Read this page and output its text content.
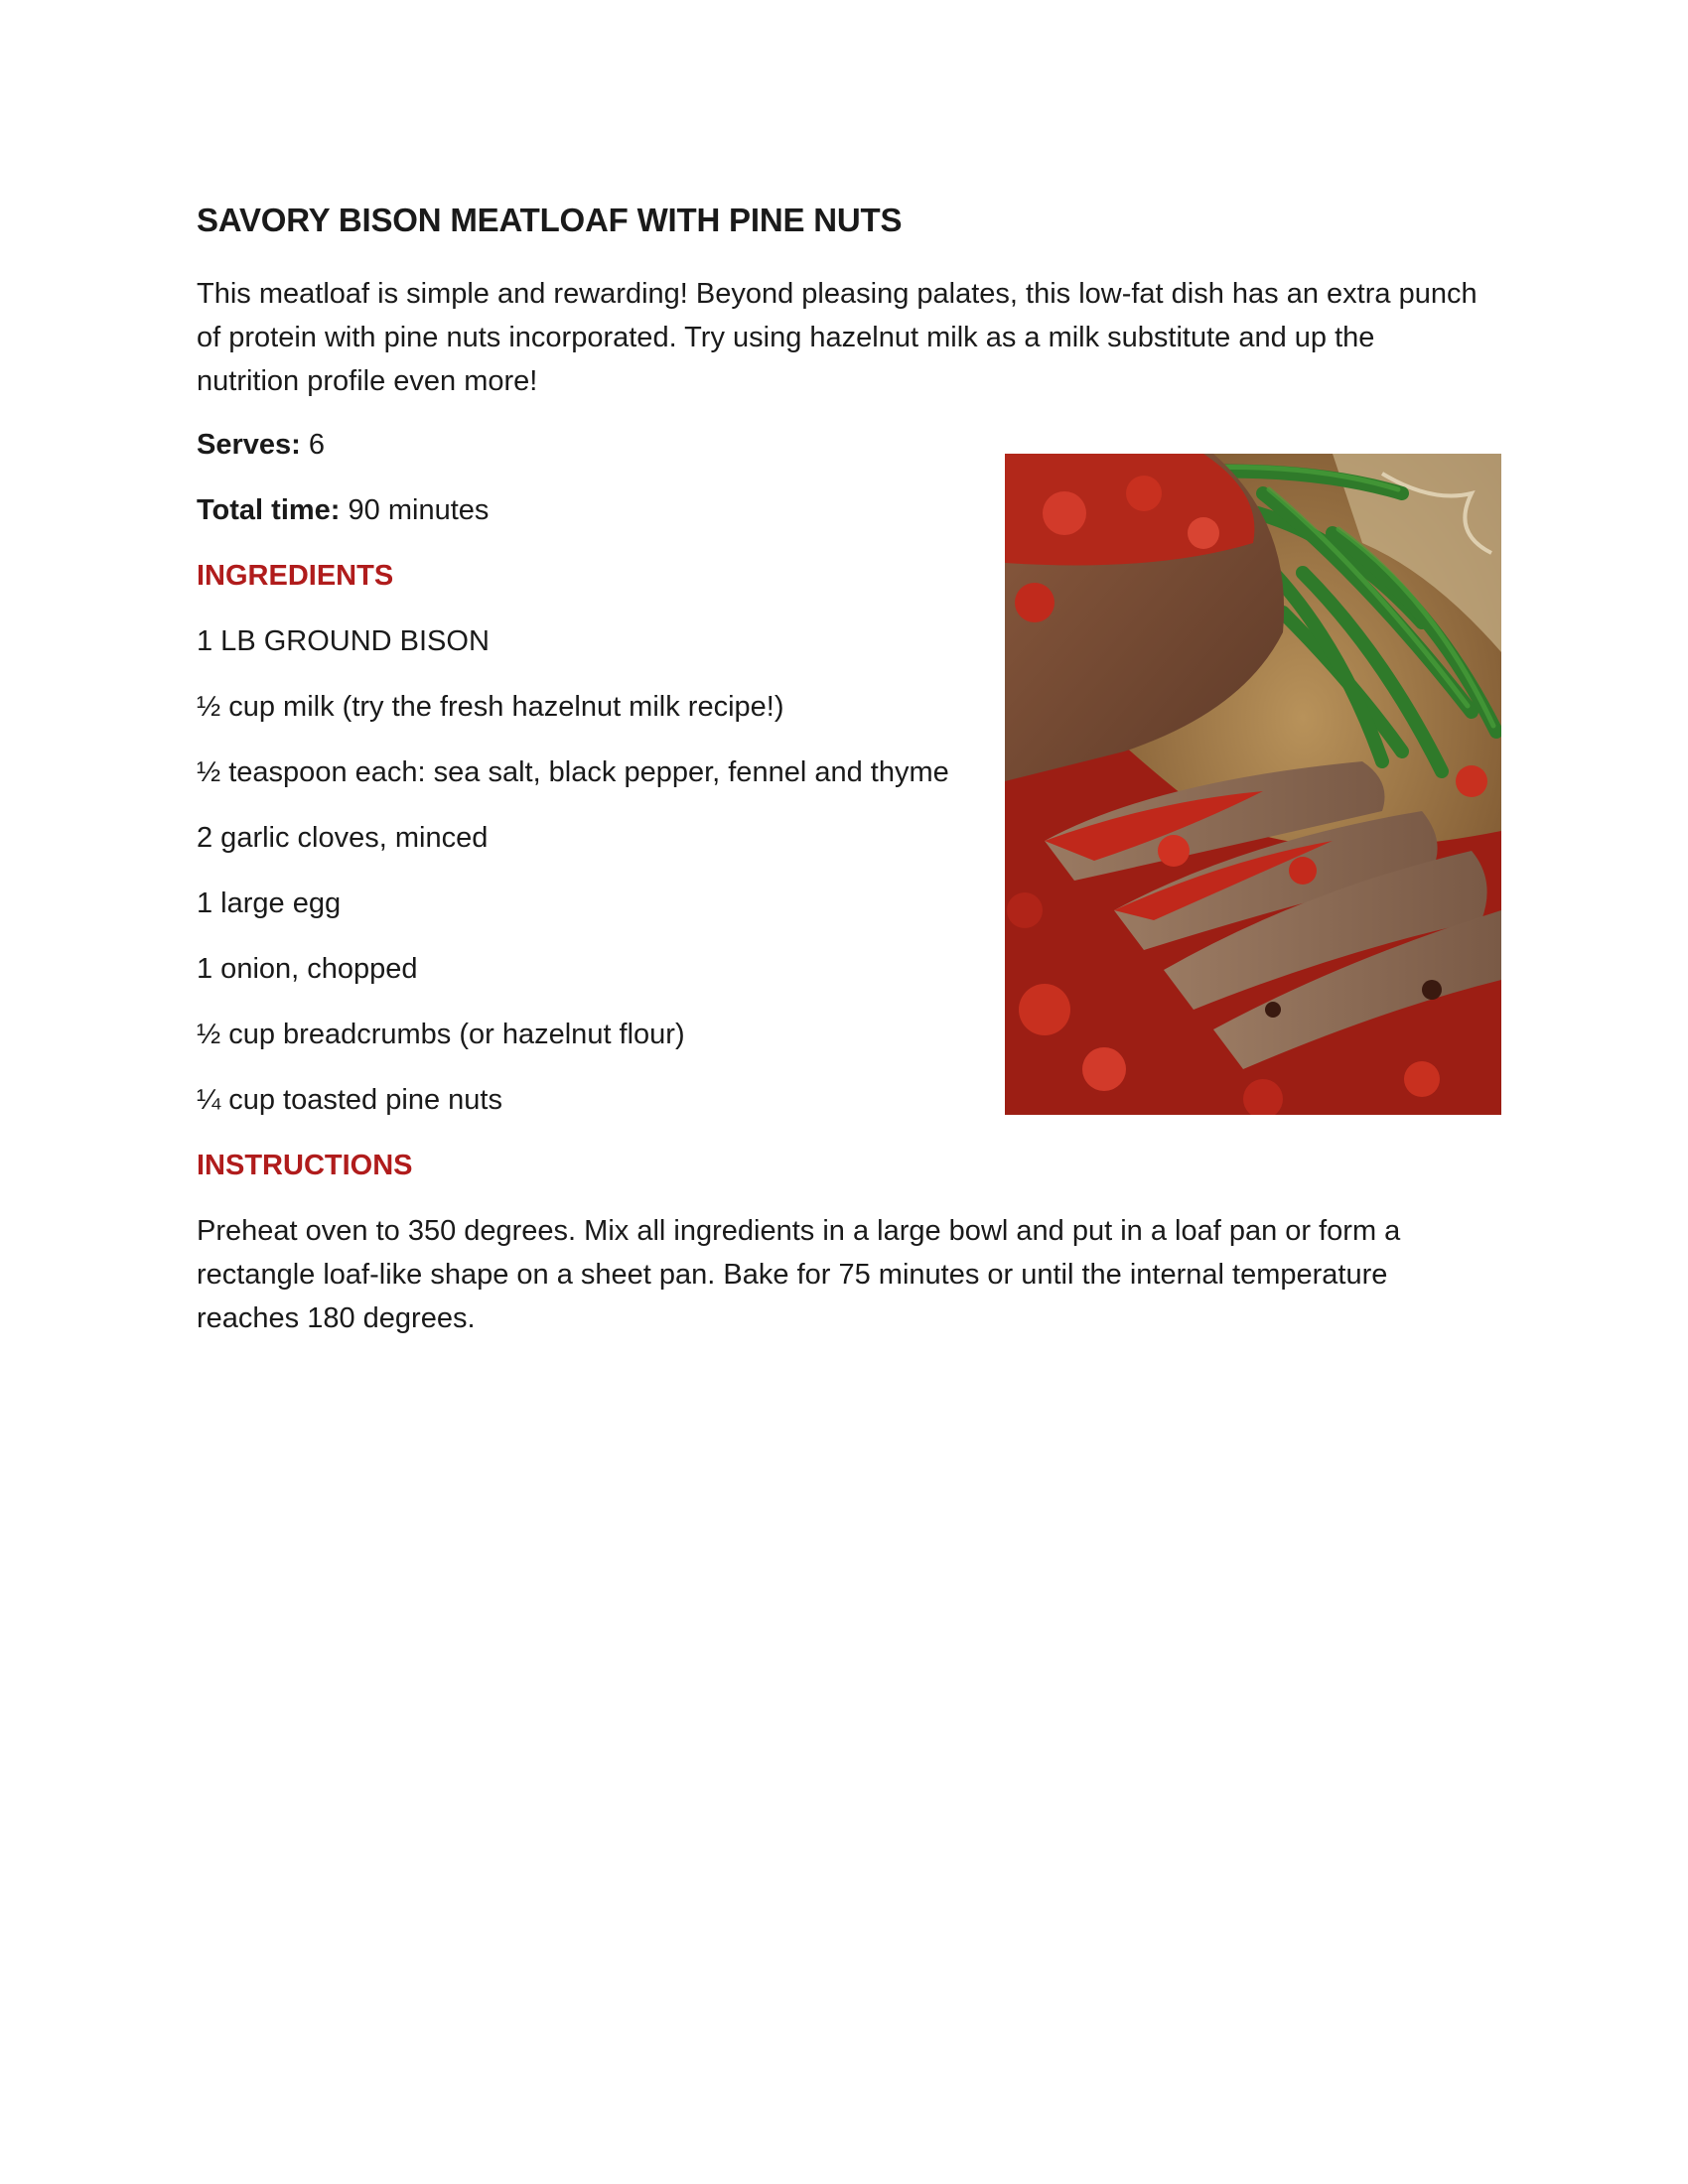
SAVORY BISON MEATLOAF WITH PINE NUTS

This meatloaf is simple and rewarding! Beyond pleasing palates, this low-fat dish has an extra punch of protein with pine nuts incorporated. Try using hazelnut milk as a milk substitute and up the nutrition profile even more!

Serves: 6
Total time: 90 minutes
INGREDIENTS
1 LB GROUND BISON
½ cup milk (try the fresh hazelnut milk recipe!)
½ teaspoon each: sea salt, black pepper, fennel and thyme
2 garlic cloves, minced
1 large egg
1 onion, chopped
½ cup breadcrumbs (or hazelnut flour)
¼ cup toasted pine nuts
INSTRUCTIONS

Preheat oven to 350 degrees. Mix all ingredients in a large bowl and put in a loaf pan or form a rectangle loaf-like shape on a sheet pan. Bake for 75 minutes or until the internal temperature reaches 180 degrees.
